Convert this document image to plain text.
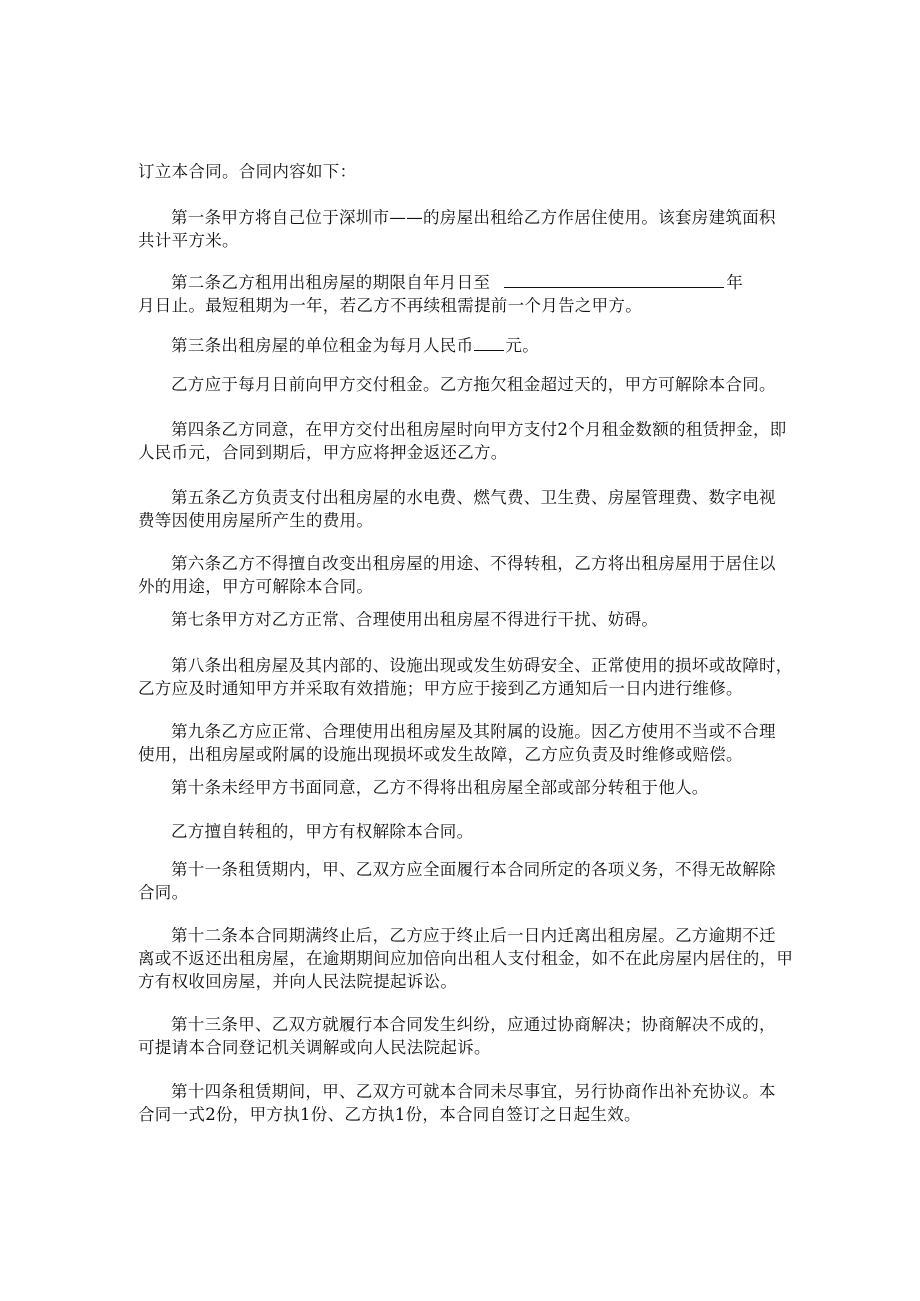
订立本合同。合同内容如下：

第一条甲方将自己位于深圳市——的房屋出租给乙方作居住使用。该套房建筑面积
共计平方米。

第二条乙方租用出租房屋的期限自年月日至	年
月日止。最短租期为一年，若乙方不再续租需提前一个月告之甲方。

第三条出租房屋的单位租金为每月人民币 元。

乙方应于每月日前向甲方交付租金。乙方拖欠租金超过天的，甲方可解除本合同。

第四条乙方同意，在甲方交付出租房屋时向甲方支付2个月租金数额的租赁押金，即
人民币元，合同到期后，甲方应将押金返还乙方。

第五条乙方负责支付出租房屋的水电费、燃气费、卫生费、房屋管理费、数字电视
费等因使用房屋所产生的费用。

第六条乙方不得擅自改变出租房屋的用途、不得转租，乙方将出租房屋用于居住以
外的用途，甲方可解除本合同。

第七条甲方对乙方正常、合理使用出租房屋不得进行干扰、妨碍。

第八条出租房屋及其内部的、设施出现或发生妨碍安全、正常使用的损坏或故障时，
乙方应及时通知甲方并采取有效措施；甲方应于接到乙方通知后一日内进行维修。

第九条乙方应正常、合理使用出租房屋及其附属的设施。因乙方使用不当或不合理
使用，出租房屋或附属的设施出现损坏或发生故障，乙方应负责及时维修或赔偿。

第十条未经甲方书面同意，乙方不得将出租房屋全部或部分转租于他人。

乙方擅自转租的，甲方有权解除本合同。

第十一条租赁期内，甲、乙双方应全面履行本合同所定的各项义务，不得无故解除
合同。

第十二条本合同期满终止后，乙方应于终止后一日内迁离出租房屋。乙方逾期不迁
离或不返还出租房屋，在逾期期间应加倍向出租人支付租金，如不在此房屋内居住的，甲
方有权收回房屋，并向人民法院提起诉讼。

第十三条甲、乙双方就履行本合同发生纠纷，应通过协商解决；协商解决不成的，
可提请本合同登记机关调解或向人民法院起诉。

第十四条租赁期间，甲、乙双方可就本合同未尽事宜，另行协商作出补充协议。本
合同一式2份，甲方执1份、乙方执1份，本合同自签订之日起生效。
